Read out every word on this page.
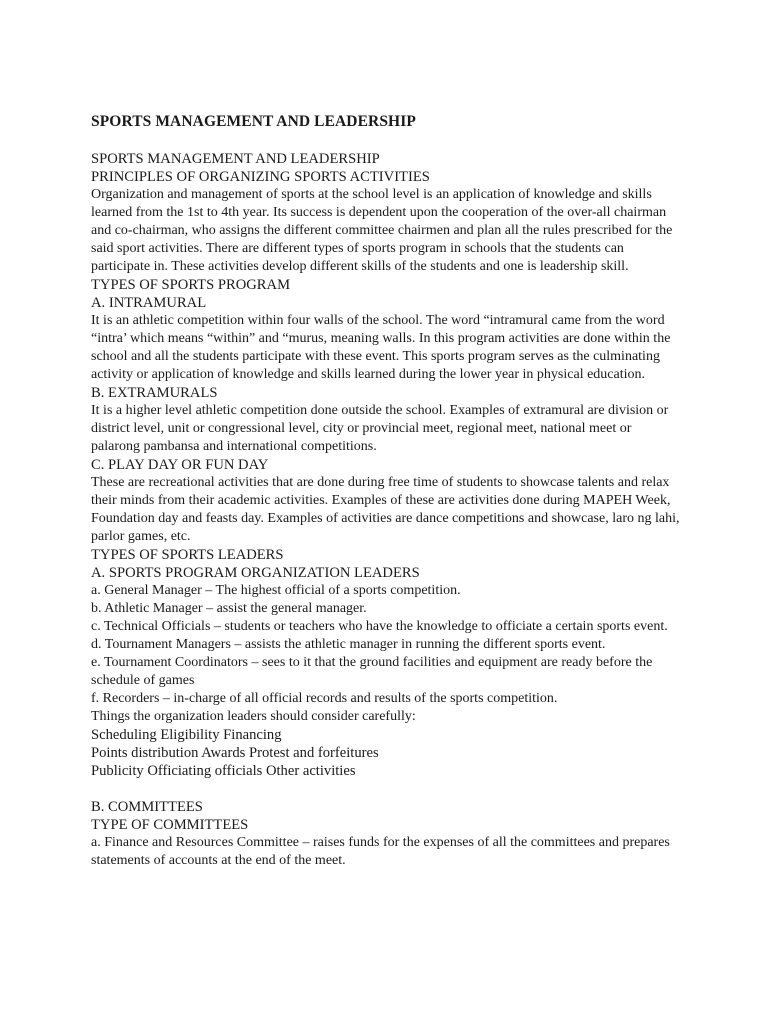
SPORTS MANAGEMENT AND LEADERSHIP

SPORTS MANAGEMENT AND LEADERSHIP

PRINCIPLES OF ORGANIZING SPORTS ACTIVITIES

Organization and management of sports at the school level is an application of knowledge and skills learned from the 1st to 4th year. Its success is dependent upon the cooperation of the over-all chairman and co-chairman, who assigns the different committee chairmen and plan all the rules prescribed for the said sport activities. There are different types of sports program in schools that the students can participate in. These activities develop different skills of the students and one is leadership skill.

TYPES OF SPORTS PROGRAM

A. INTRAMURAL

It is an athletic competition within four walls of the school. The word “intramural came from the word “intra’ which means “within” and “murus, meaning walls. In this program activities are done within the school and all the students participate with these event. This sports program serves as the culminating activity or application of knowledge and skills learned during the lower year in physical education.

B. EXTRAMURALS

It is a higher level athletic competition done outside the school. Examples of extramural are division or district level, unit or congressional level, city or provincial meet, regional meet, national meet or palarong pambansa and international competitions.

C. PLAY DAY OR FUN DAY

These are recreational activities that are done during free time of students to showcase talents and relax their minds from their academic activities. Examples of these are activities done during MAPEH Week, Foundation day and feasts day. Examples of activities are dance competitions and showcase, laro ng lahi, parlor games, etc.

TYPES OF SPORTS LEADERS

A. SPORTS PROGRAM ORGANIZATION LEADERS

a. General Manager – The highest official of a sports competition.

b. Athletic Manager – assist the general manager.

c. Technical Officials – students or teachers who have the knowledge to officiate a certain sports event.

d. Tournament Managers – assists the athletic manager in running the different sports event.

e. Tournament Coordinators – sees to it that the ground facilities and equipment are ready before the schedule of games

f. Recorders – in-charge of all official records and results of the sports competition.

Things the organization leaders should consider carefully:

Scheduling Eligibility Financing

Points distribution Awards Protest and forfeitures

Publicity Officiating officials Other activities

B. COMMITTEES

TYPE OF COMMITTEES

a. Finance and Resources Committee – raises funds for the expenses of all the committees and prepares statements of accounts at the end of the meet.
